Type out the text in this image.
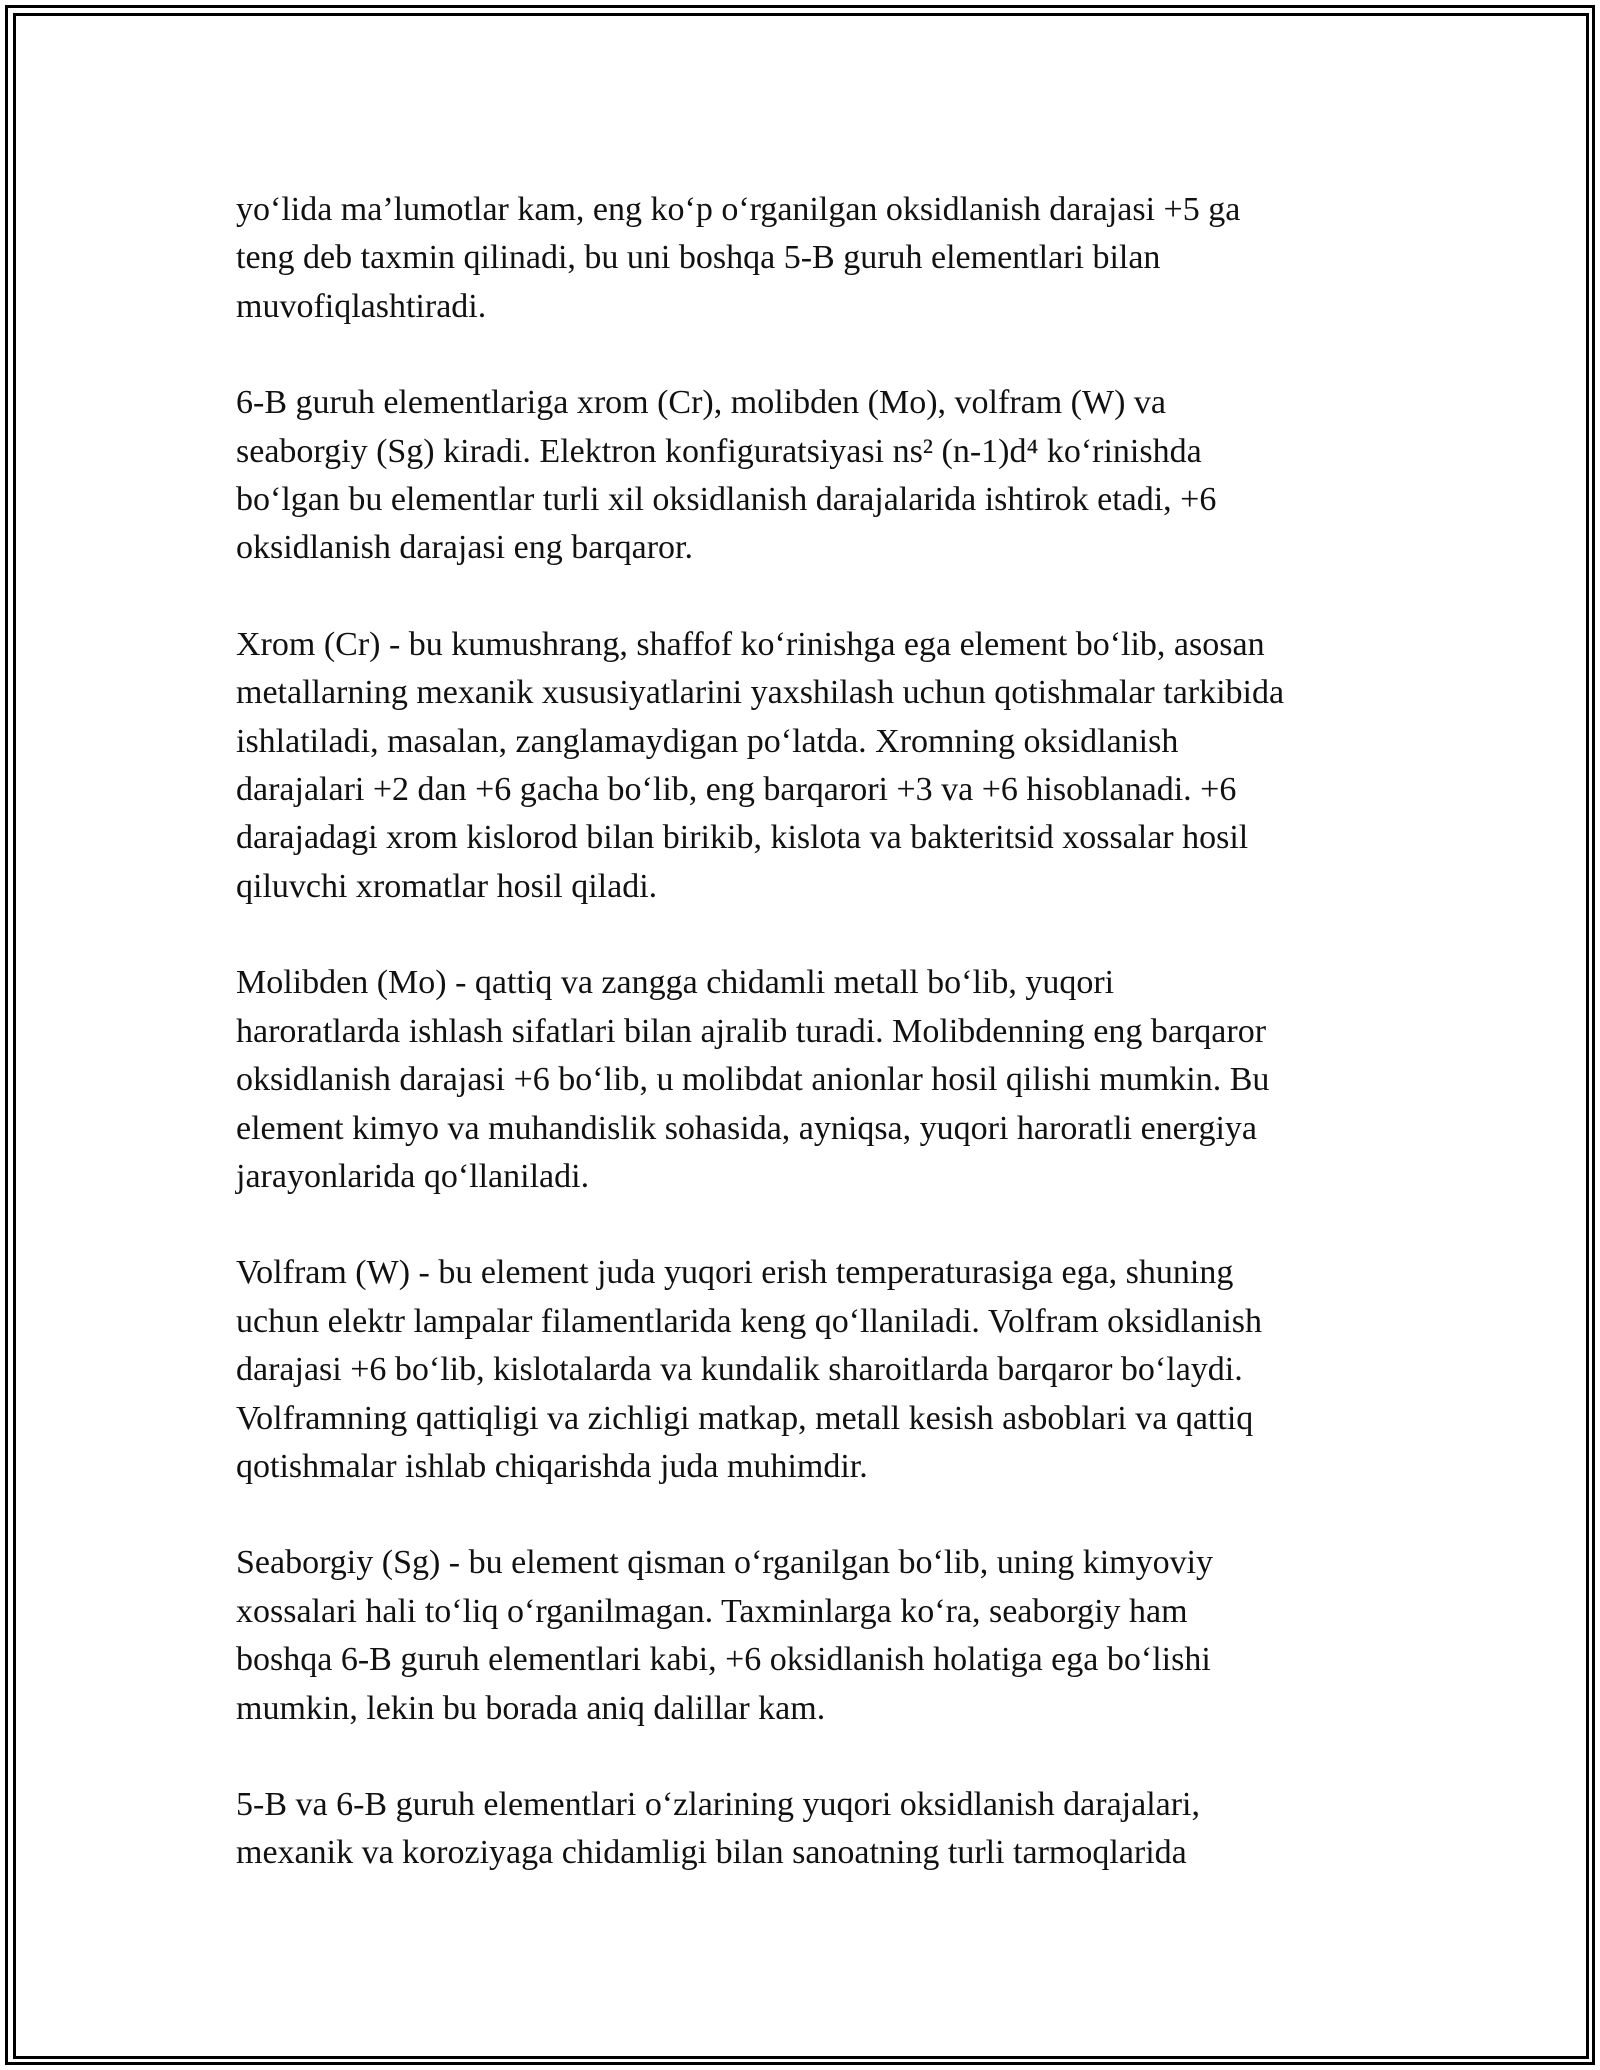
yo‘lida ma’lumotlar kam, eng ko‘p o‘rganilgan oksidlanish darajasi +5 ga
teng deb taxmin qilinadi, bu uni boshqa 5-B guruh elementlari bilan
muvofiqlashtiradi.

6-B guruh elementlariga xrom (Cr), molibden (Mo), volfram (W) va
seaborgiy (Sg) kiradi. Elektron konfiguratsiyasi ns² (n-1)d⁴ ko‘rinishda
bo‘lgan bu elementlar turli xil oksidlanish darajalarida ishtirok etadi, +6
oksidlanish darajasi eng barqaror.

Xrom (Cr) - bu kumushrang, shaffof ko‘rinishga ega element bo‘lib, asosan
metallarning mexanik xususiyatlarini yaxshilash uchun qotishmalar tarkibida
ishlatiladi, masalan, zanglamaydigan po‘latda. Xromning oksidlanish
darajalari +2 dan +6 gacha bo‘lib, eng barqarori +3 va +6 hisoblanadi. +6
darajadagi xrom kislorod bilan birikib, kislota va bakteritsid xossalar hosil
qiluvchi xromatlar hosil qiladi.

Molibden (Mo) - qattiq va zangga chidamli metall bo‘lib, yuqori
haroratlarda ishlash sifatlari bilan ajralib turadi. Molibdenning eng barqaror
oksidlanish darajasi +6 bo‘lib, u molibdat anionlar hosil qilishi mumkin. Bu
element kimyo va muhandislik sohasida, ayniqsa, yuqori haroratli energiya
jarayonlarida qo‘llaniladi.

Volfram (W) - bu element juda yuqori erish temperaturasiga ega, shuning
uchun elektr lampalar filamentlarida keng qo‘llaniladi. Volfram oksidlanish
darajasi +6 bo‘lib, kislotalarda va kundalik sharoitlarda barqaror bo‘laydi.
Volframning qattiqligi va zichligi matkap, metall kesish asboblari va qattiq
qotishmalar ishlab chiqarishda juda muhimdir.

Seaborgiy (Sg) - bu element qisman o‘rganilgan bo‘lib, uning kimyoviy
xossalari hali to‘liq o‘rganilmagan. Taxminlarga ko‘ra, seaborgiy ham
boshqa 6-B guruh elementlari kabi, +6 oksidlanish holatiga ega bo‘lishi
mumkin, lekin bu borada aniq dalillar kam.

5-B va 6-B guruh elementlari o‘zlarining yuqori oksidlanish darajalari,
mexanik va koroziyaga chidamligi bilan sanoatning turli tarmoqlarida
